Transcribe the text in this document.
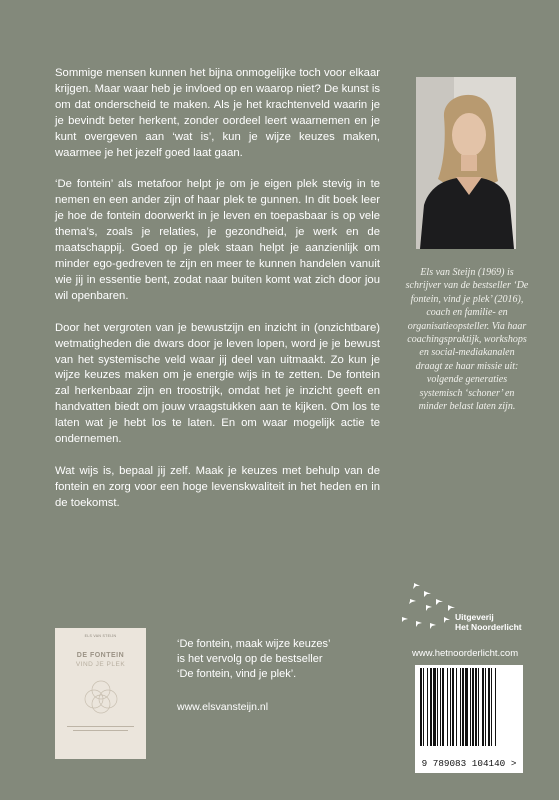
Sommige mensen kunnen het bijna onmogelijke toch voor elkaar krijgen. Maar waar heb je invloed op en waarop niet? De kunst is om dat onderscheid te maken. Als je het krachtenveld waarin je je bevindt beter herkent, zonder oordeel leert waarnemen en je kunt overgeven aan ‘wat is’, kun je wijze keuzes maken, waarmee je het jezelf goed laat gaan.

‘De fontein’ als metafoor helpt je om je eigen plek stevig in te nemen en een ander zijn of haar plek te gunnen. In dit boek leer je hoe de fontein doorwerkt in je leven en toepasbaar is op vele thema’s, zoals je relaties, je gezondheid, je werk en de maatschappij. Goed op je plek staan helpt je aanzienlijk om minder ego-gedreven te zijn en meer te kunnen handelen vanuit wie jij in essentie bent, zodat naar buiten komt wat zich door jou wil openbaren.

Door het vergroten van je bewustzijn en inzicht in (onzichtbare) wetmatigheden die dwars door je leven lopen, word je je bewust van het systemische veld waar jij deel van uitmaakt. Zo kun je wijze keuzes maken om je energie wijs in te zetten. De fontein zal herkenbaar zijn en troostrijk, omdat het je inzicht geeft en handvatten biedt om jouw vraagstukken aan te kijken. Om los te laten wat je hebt los te laten. En om waar mogelijk actie te ondernemen.

Wat wijs is, bepaal jij zelf. Maak je keuzes met behulp van de fontein en zorg voor een hoge levenskwaliteit in het heden en in de toekomst.

Els van Steijn (1969) is schrijver van de bestseller ‘De fontein, vind je plek’ (2016), coach en familie- en organisatieopsteller. Via haar coachingspraktijk, workshops en social-mediakanalen draagt ze haar missie uit: volgende generaties systemisch ‘schoner’ en minder belast laten zijn.
Uitgeverij
Het Noorderlicht
www.hetnoorderlicht.com
ELS VAN STEIJN
DE FONTEIN
VIND JE PLEK
‘De fontein, maak wijze keuzes’ is het vervolg op de bestseller ‘De fontein, vind je plek’.
www.elsvansteijn.nl
9 789083 104140 >
